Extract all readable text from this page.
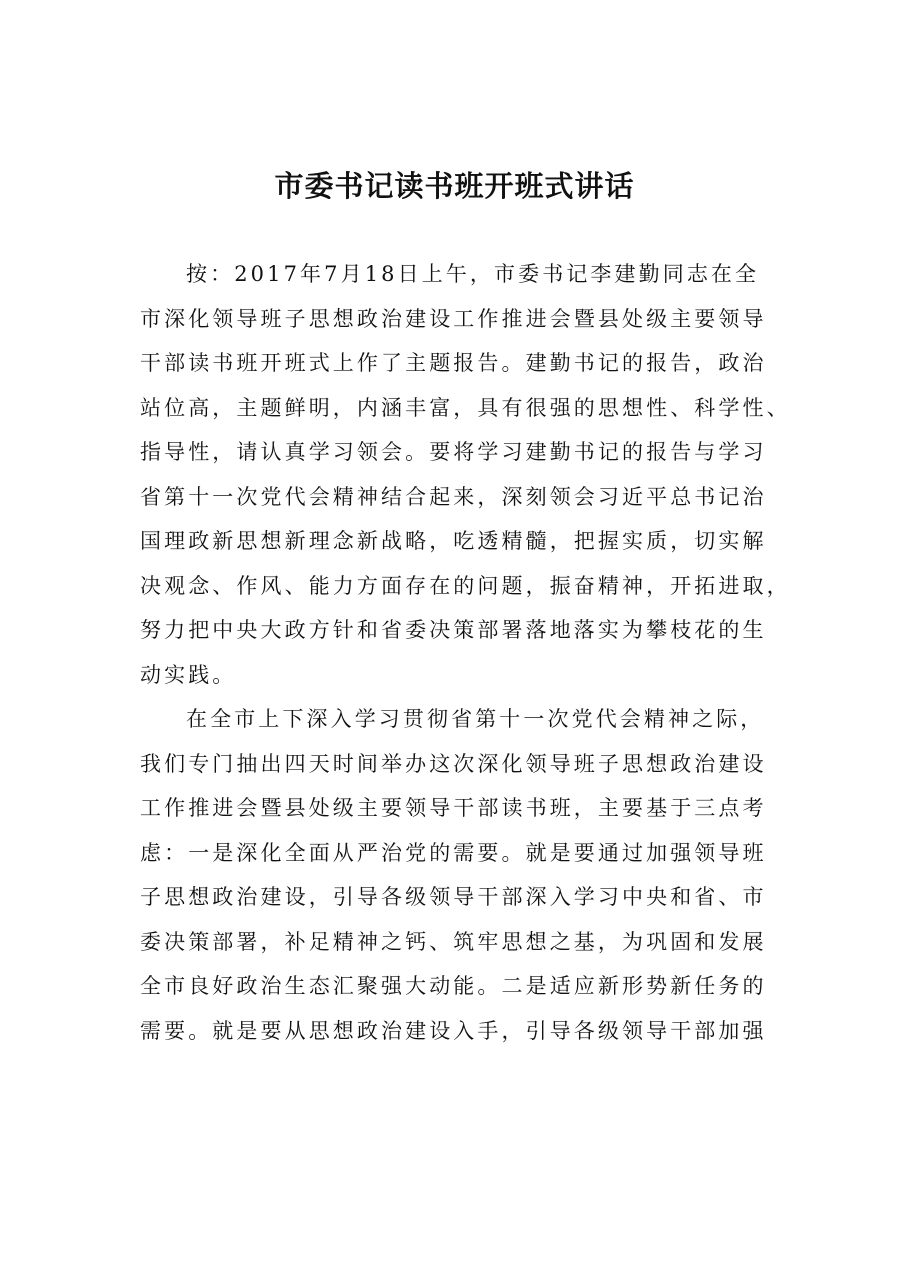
市委书记读书班开班式讲话
按：2017年7月18日上午，市委书记李建勤同志在全
市深化领导班子思想政治建设工作推进会暨县处级主要领导
干部读书班开班式上作了主题报告。建勤书记的报告，政治
站位高，主题鲜明，内涵丰富，具有很强的思想性、科学性、
指导性，请认真学习领会。要将学习建勤书记的报告与学习
省第十一次党代会精神结合起来，深刻领会习近平总书记治
国理政新思想新理念新战略，吃透精髓，把握实质，切实解
决观念、作风、能力方面存在的问题，振奋精神，开拓进取，
努力把中央大政方针和省委决策部署落地落实为攀枝花的生
动实践。
在全市上下深入学习贯彻省第十一次党代会精神之际，
我们专门抽出四天时间举办这次深化领导班子思想政治建设
工作推进会暨县处级主要领导干部读书班，主要基于三点考
虑：一是深化全面从严治党的需要。就是要通过加强领导班
子思想政治建设，引导各级领导干部深入学习中央和省、市
委决策部署，补足精神之钙、筑牢思想之基，为巩固和发展
全市良好政治生态汇聚强大动能。二是适应新形势新任务的
需要。就是要从思想政治建设入手，引导各级领导干部加强
